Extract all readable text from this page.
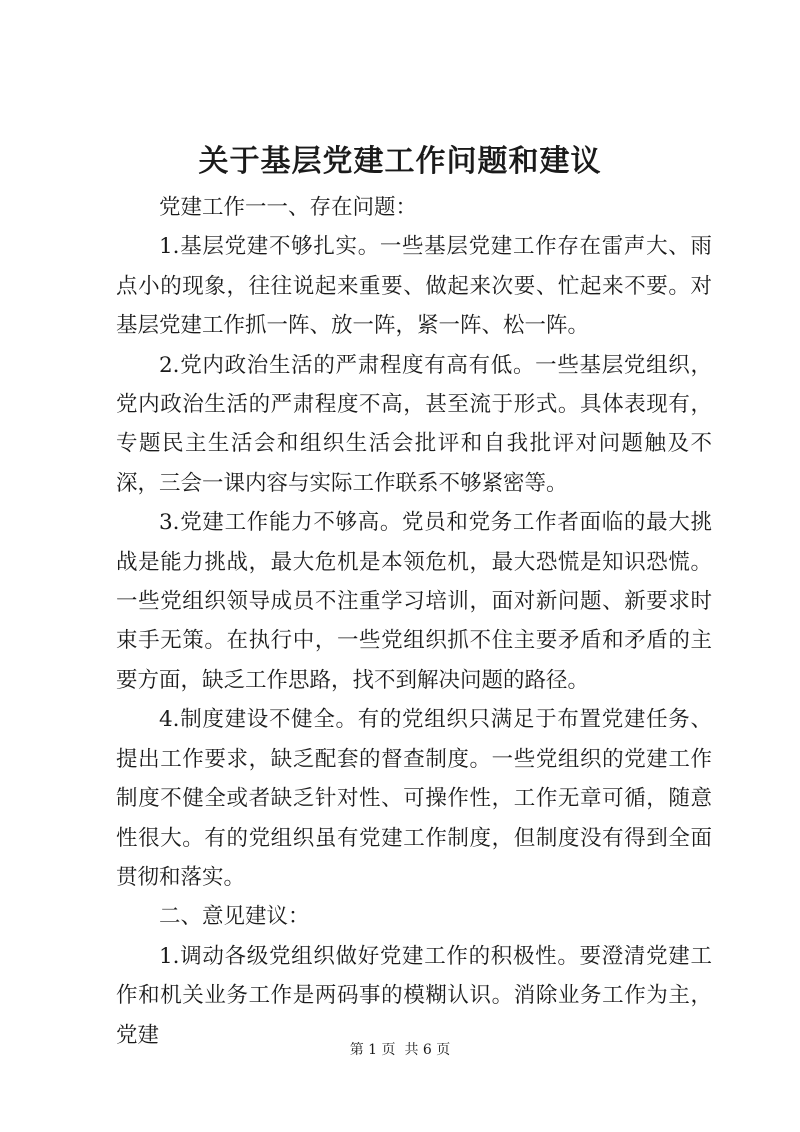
关于基层党建工作问题和建议

党建工作一一、存在问题：

1.基层党建不够扎实。一些基层党建工作存在雷声大、雨点小的现象，往往说起来重要、做起来次要、忙起来不要。对基层党建工作抓一阵、放一阵，紧一阵、松一阵。

2.党内政治生活的严肃程度有高有低。一些基层党组织，党内政治生活的严肃程度不高，甚至流于形式。具体表现有，专题民主生活会和组织生活会批评和自我批评对问题触及不深，三会一课内容与实际工作联系不够紧密等。

3.党建工作能力不够高。党员和党务工作者面临的最大挑战是能力挑战，最大危机是本领危机，最大恐慌是知识恐慌。一些党组织领导成员不注重学习培训，面对新问题、新要求时束手无策。在执行中，一些党组织抓不住主要矛盾和矛盾的主要方面，缺乏工作思路，找不到解决问题的路径。

4.制度建设不健全。有的党组织只满足于布置党建任务、提出工作要求，缺乏配套的督查制度。一些党组织的党建工作制度不健全或者缺乏针对性、可操作性，工作无章可循，随意性很大。有的党组织虽有党建工作制度，但制度没有得到全面贯彻和落实。

二、意见建议：

1.调动各级党组织做好党建工作的积极性。要澄清党建工作和机关业务工作是两码事的模糊认识。消除业务工作为主，党建

第 1 页  共 6 页
